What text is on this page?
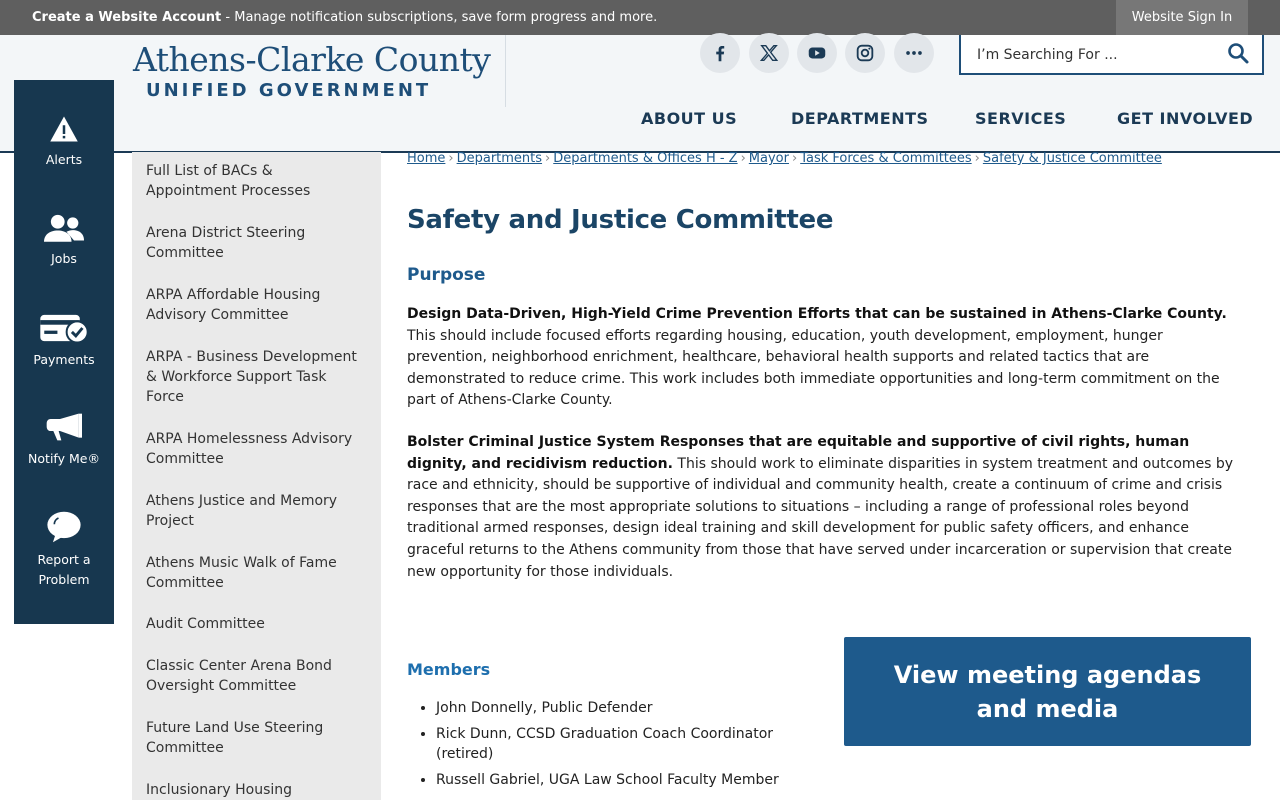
Create a Website Account - Manage notification subscriptions, save form progress and more.	Website Sign In
Athens-Clarke County
UNIFIED GOVERNMENT
I’m Searching For ...
ABOUT US	DEPARTMENTS	SERVICES	GET INVOLVED
Full List of BACs & Appointment Processes
Arena District Steering Committee
ARPA Affordable Housing Advisory Committee
ARPA - Business Development & Workforce Support Task Force
ARPA Homelessness Advisory Committee
Athens Justice and Memory Project
Athens Music Walk of Fame Committee
Audit Committee
Classic Center Arena Bond Oversight Committee
Future Land Use Steering Committee
Inclusionary Housing
Alerts
Jobs
Payments
Notify Me®
Report a Problem
Home › Departments › Departments & Offices H - Z › Mayor › Task Forces & Committees › Safety & Justice Committee
Safety and Justice Committee
Purpose

Design Data-Driven, High-Yield Crime Prevention Efforts that can be sustained in Athens-Clarke County. This should include focused efforts regarding housing, education, youth development, employment, hunger prevention, neighborhood enrichment, healthcare, behavioral health supports and related tactics that are demonstrated to reduce crime. This work includes both immediate opportunities and long-term commitment on the part of Athens-Clarke County.

Bolster Criminal Justice System Responses that are equitable and supportive of civil rights, human dignity, and recidivism reduction. This should work to eliminate disparities in system treatment and outcomes by race and ethnicity, should be supportive of individual and community health, create a continuum of crime and crisis responses that are the most appropriate solutions to situations – including a range of professional roles beyond traditional armed responses, design ideal training and skill development for public safety officers, and enhance graceful returns to the Athens community from those that have served under incarceration or supervision that create new opportunity for those individuals.

Members
• John Donnelly, Public Defender
• Rick Dunn, CCSD Graduation Coach Coordinator (retired)
• Russell Gabriel, UGA Law School Faculty Member
View meeting agendas and media
